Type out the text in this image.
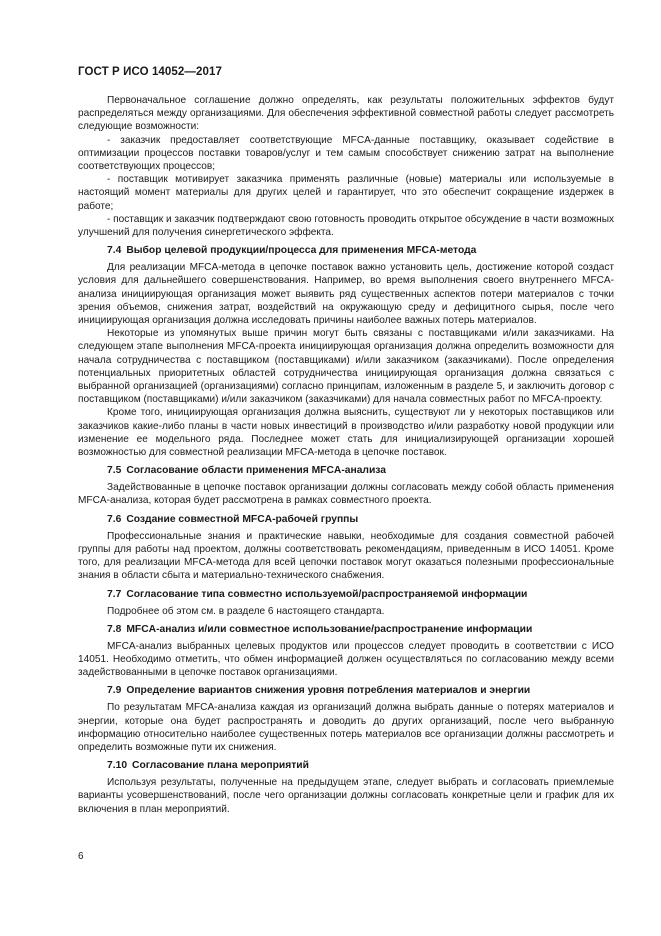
ГОСТ Р ИСО 14052—2017

Первоначальное соглашение должно определять, как результаты положительных эффектов будут распределяться между организациями. Для обеспечения эффективной совместной работы следует рассмотреть следующие возможности:

- заказчик предоставляет соответствующие MFCA-данные поставщику, оказывает содействие в оптимизации процессов поставки товаров/услуг и тем самым способствует снижению затрат на выполнение соответствующих процессов;

- поставщик мотивирует заказчика применять различные (новые) материалы или используемые в настоящий момент материалы для других целей и гарантирует, что это обеспечит сокращение издержек в работе;

- поставщик и заказчик подтверждают свою готовность проводить открытое обсуждение в части возможных улучшений для получения синергетического эффекта.

7.4 Выбор целевой продукции/процесса для применения MFCA-метода

Для реализации MFCA-метода в цепочке поставок важно установить цель, достижение которой создаст условия для дальнейшего совершенствования. Например, во время выполнения своего внутреннего MFCA-анализа инициирующая организация может выявить ряд существенных аспектов потери материалов с точки зрения объемов, снижения затрат, воздействий на окружающую среду и дефицитного сырья, после чего инициирующая организация должна исследовать причины наиболее важных потерь материалов.

Некоторые из упомянутых выше причин могут быть связаны с поставщиками и/или заказчиками. На следующем этапе выполнения MFCA-проекта инициирующая организация должна определить возможности для начала сотрудничества с поставщиком (поставщиками) и/или заказчиком (заказчиками). После определения потенциальных приоритетных областей сотрудничества инициирующая организация должна связаться с выбранной организацией (организациями) согласно принципам, изложенным в разделе 5, и заключить договор с поставщиком (поставщиками) и/или заказчиком (заказчиками) для начала совместных работ по MFCA-проекту.

Кроме того, инициирующая организация должна выяснить, существуют ли у некоторых поставщиков или заказчиков какие-либо планы в части новых инвестиций в производство и/или разработку новой продукции или изменение ее модельного ряда. Последнее может стать для инициализирующей организации хорошей возможностью для совместной реализации MFCA-метода в цепочке поставок.

7.5 Согласование области применения MFCA-анализа

Задействованные в цепочке поставок организации должны согласовать между собой область применения MFCA-анализа, которая будет рассмотрена в рамках совместного проекта.

7.6 Создание совместной MFCA-рабочей группы

Профессиональные знания и практические навыки, необходимые для создания совместной рабочей группы для работы над проектом, должны соответствовать рекомендациям, приведенным в ИСО 14051. Кроме того, для реализации MFCA-метода для всей цепочки поставок могут оказаться полезными профессиональные знания в области сбыта и материально-технического снабжения.

7.7 Согласование типа совместно используемой/распространяемой информации

Подробнее об этом см. в разделе 6 настоящего стандарта.

7.8 MFCA-анализ и/или совместное использование/распространение информации

MFCA-анализ выбранных целевых продуктов или процессов следует проводить в соответствии с ИСО 14051. Необходимо отметить, что обмен информацией должен осуществляться по согласованию между всеми задействованными в цепочке поставок организациями.

7.9 Определение вариантов снижения уровня потребления материалов и энергии

По результатам MFCA-анализа каждая из организаций должна выбрать данные о потерях материалов и энергии, которые она будет распространять и доводить до других организаций, после чего выбранную информацию относительно наиболее существенных потерь материалов все организации должны рассмотреть и определить возможные пути их снижения.

7.10 Согласование плана мероприятий

Используя результаты, полученные на предыдущем этапе, следует выбрать и согласовать приемлемые варианты усовершенствований, после чего организации должны согласовать конкретные цели и график для их включения в план мероприятий.

6
